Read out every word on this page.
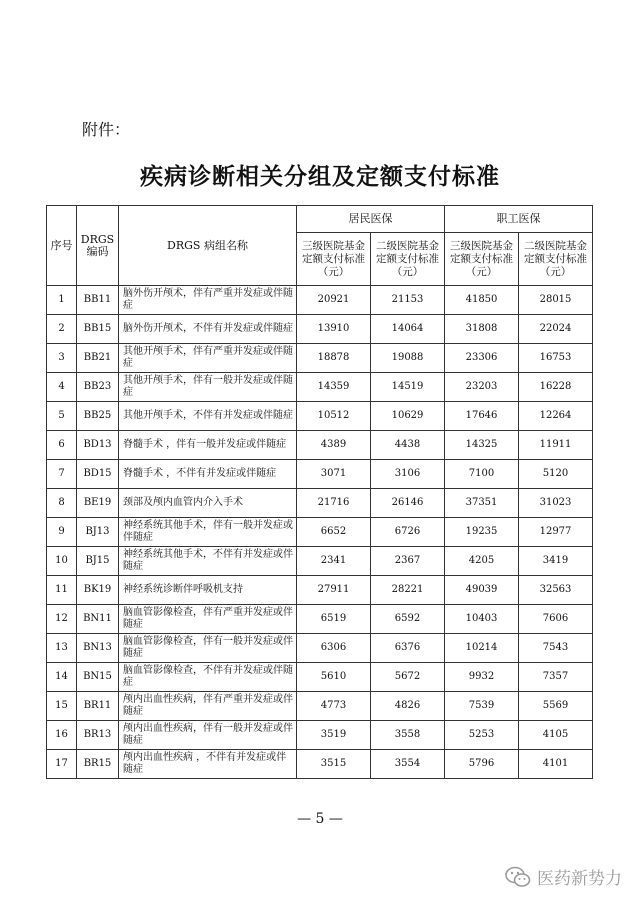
附件：
疾病诊断相关分组及定额支付标准
序号	DRGS 编码	DRGS 病组名称	居民医保		职工医保	
			三级医院基金定额支付标准（元）	二级医院基金定额支付标准（元）	三级医院基金定额支付标准（元）	二级医院基金定额支付标准（元）
1	BB11	脑外伤开颅术，伴有严重并发症或伴随症	20921	21153	41850	28015
2	BB15	脑外伤开颅术，不伴有并发症或伴随症	13910	14064	31808	22024
3	BB21	其他开颅手术，伴有严重并发症或伴随症	18878	19088	23306	16753
4	BB23	其他开颅手术，伴有一般并发症或伴随症	14359	14519	23203	16228
5	BB25	其他开颅手术，不伴有并发症或伴随症	10512	10629	17646	12264
6	BD13	脊髓手术 ，伴有一般并发症或伴随症	4389	4438	14325	11911
7	BD15	脊髓手术 ，不伴有并发症或伴随症	3071	3106	7100	5120
8	BE19	颈部及颅内血管内介入手术	21716	26146	37351	31023
9	BJ13	神经系统其他手术，伴有一般并发症或伴随症	6652	6726	19235	12977
10	BJ15	神经系统其他手术，不伴有并发症或伴随症	2341	2367	4205	3419
11	BK19	神经系统诊断伴呼吸机支持	27911	28221	49039	32563
12	BN11	脑血管影像检查，伴有严重并发症或伴随症	6519	6592	10403	7606
13	BN13	脑血管影像检查，伴有一般并发症或伴随症	6306	6376	10214	7543
14	BN15	脑血管影像检查，不伴有并发症或伴随症	5610	5672	9932	7357
15	BR11	颅内出血性疾病，伴有严重并发症或伴随症	4773	4826	7539	5569
16	BR13	颅内出血性疾病，伴有一般并发症或伴随症	3519	3558	5253	4105
17	BR15	颅内出血性疾病 ，不伴有并发症或伴随症	3515	3554	5796	4101
— 5 —
医药新势力
